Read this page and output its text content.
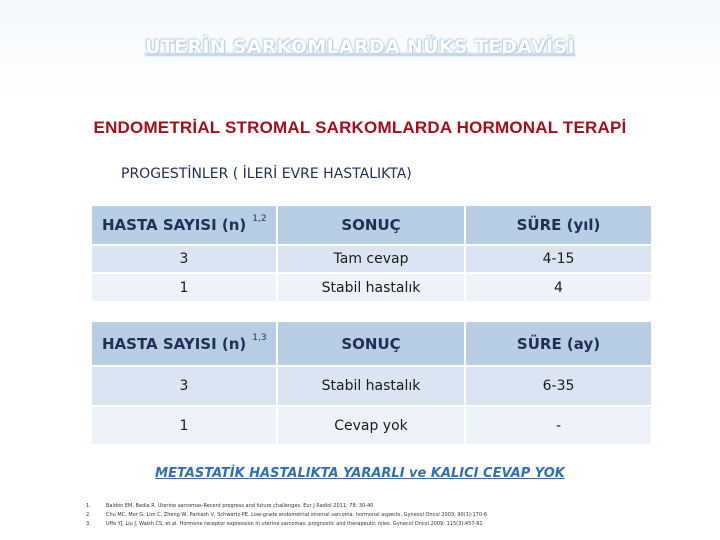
UTERİN SARKOMLARDA NÜKS TEDAVİSİ
ENDOMETRİAL STROMAL SARKOMLARDA HORMONAL TERAPİ
PROGESTİNLER ( İLERİ EVRE HASTALIKTA)
HASTA SAYISI (n) $^{1,2}$	SONUÇ	SÜRE (yıl)
3	Tam cevap	4-15
1	Stabil hastalık	4
HASTA SAYISI (n) $^{1,3}$	SONUÇ	SÜRE (ay)
3	Stabil hastalık	6-35
1	Cevap yok	-
METASTATİK HASTALIKTA YARARLI ve KALICI CEVAP YOK
1.	Baldon EM, Bedia R. Uterine sarcomas-Recent progress and future challenges. Eur J Radiol 2011; 78: 30-40
2.	Chu MC, Mor G, Lim C, Zheng W, Parkash V, Schwartz PE. Low-grade endometrial stromal sarcoma: hormonal aspects. Gynecol Oncol 2003; 90(1):170-6
3.	Uffe YJ, Liu J, Walsh CS, et al. Hormone receptor expression in uterine sarcomas: prognostic and therapeutic roles. Gynecol Oncol 2009; 115(3):457-61
